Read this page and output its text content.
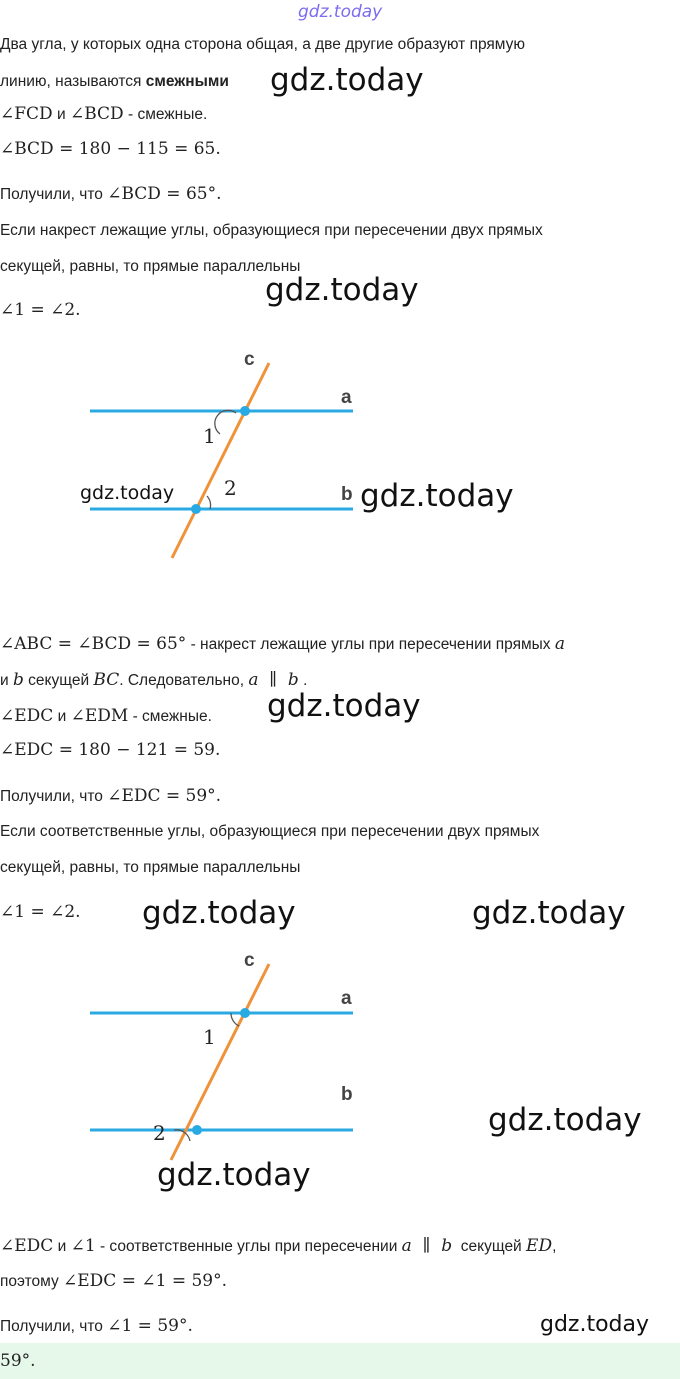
gdz.today
Два угла, у которых одна сторона общая, а две другие образуют прямую
линию, называются смежными gdz.today
∠FCD и ∠BCD - смежные.
∠BCD = 180 − 115 = 65.
Получили, что ∠BCD = 65°.
Если накрест лежащие углы, образующиеся при пересечении двух прямых
секущей, равны, то прямые параллельны
gdz.today
∠1 = ∠2.
c
a
b
1
2
gdz.today	gdz.today
∠ABC = ∠BCD = 65° - накрест лежащие углы при пересечении прямых a
и b секущей BC. Следовательно, a  ∥  b .
∠EDC и ∠EDM - смежные. gdz.today
∠EDC = 180 − 121 = 59.
Получили, что ∠EDC = 59°.
Если соответственные углы, образующиеся при пересечении двух прямых
секущей, равны, то прямые параллельны
∠1 = ∠2. gdz.today	gdz.today
c
a
b
1
2	gdz.today
gdz.today
∠EDC и ∠1 - соответственные углы при пересечении a  ∥  b  секущей ED,
поэтому ∠EDC = ∠1 = 59°.
Получили, что ∠1 = 59°.	gdz.today
59°.
